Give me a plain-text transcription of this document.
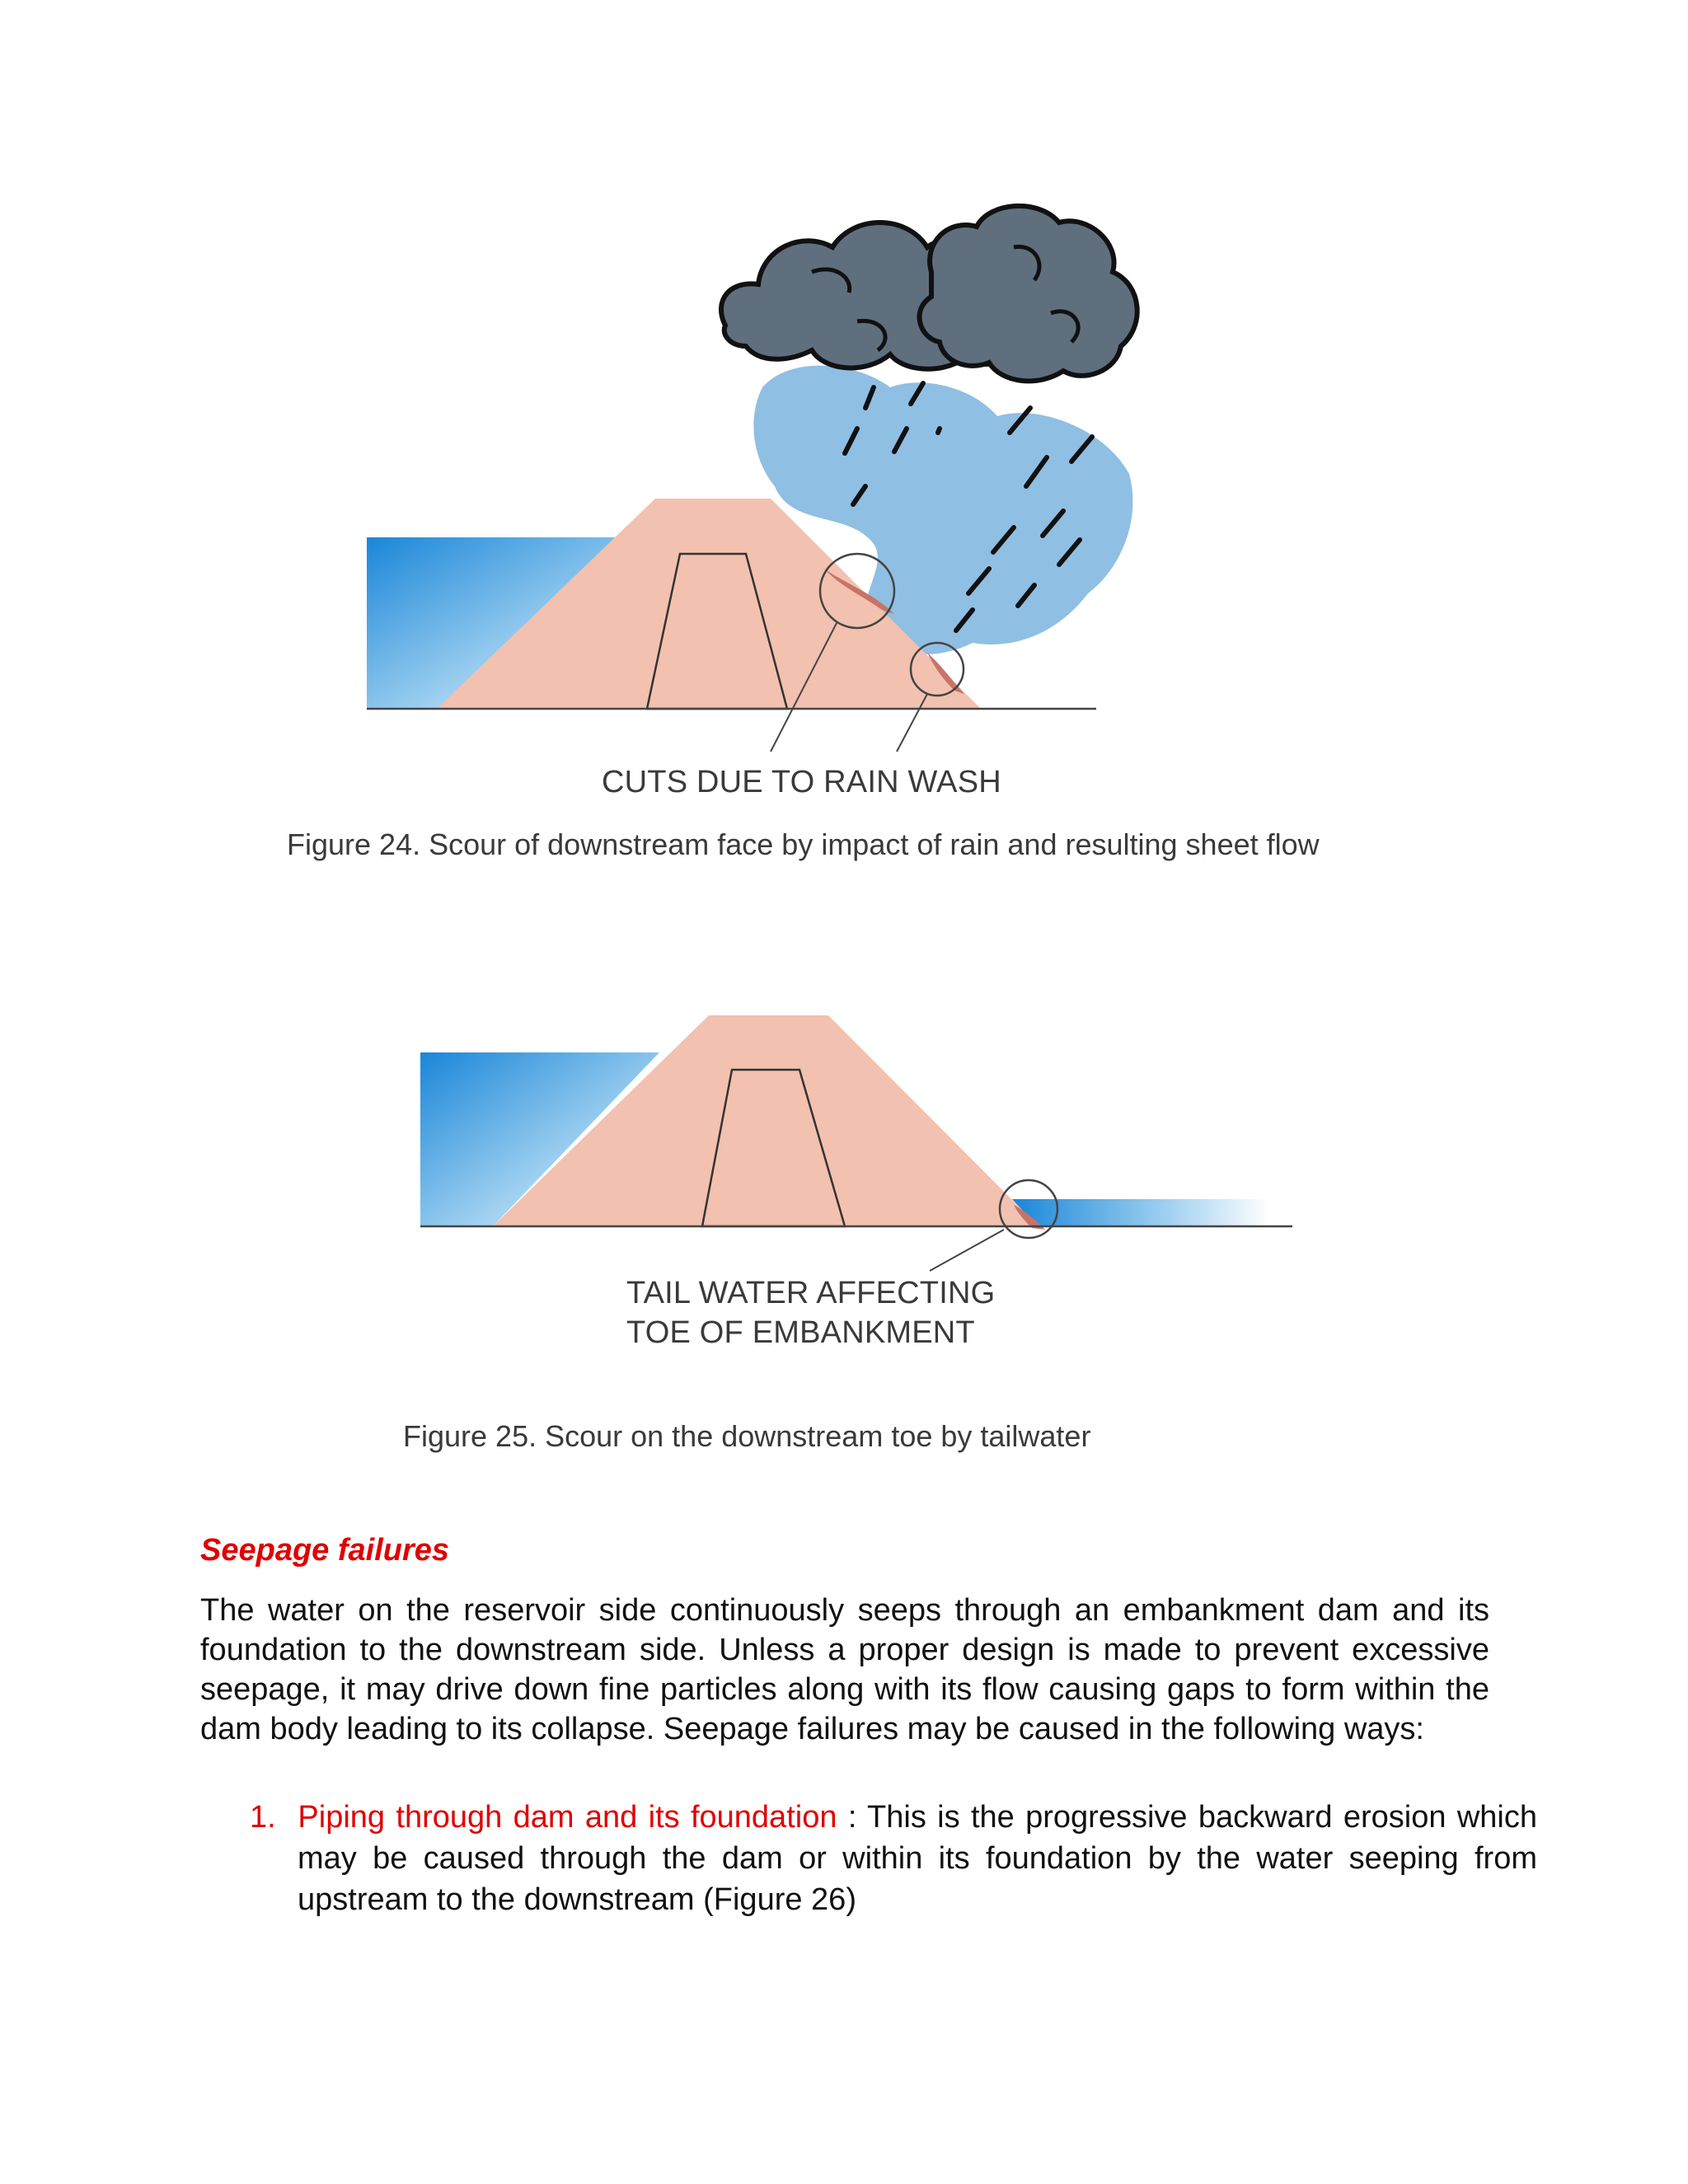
CUTS DUE TO RAIN WASH
Figure 24. Scour of downstream face by impact of rain and resulting sheet flow
TAIL WATER AFFECTING
TOE OF EMBANKMENT
Figure 25. Scour on the downstream toe by tailwater
Seepage failures

The water on the reservoir side continuously seeps through an embankment dam and its foundation to the downstream side. Unless a proper design is made to prevent excessive seepage, it may drive down fine particles along with its flow causing gaps to form within the dam body leading to its collapse. Seepage failures may be caused in the following ways:

1. Piping through dam and its foundation : This is the progressive backward erosion which may be caused through the dam or within its foundation by the water seeping from upstream to the downstream (Figure 26)
